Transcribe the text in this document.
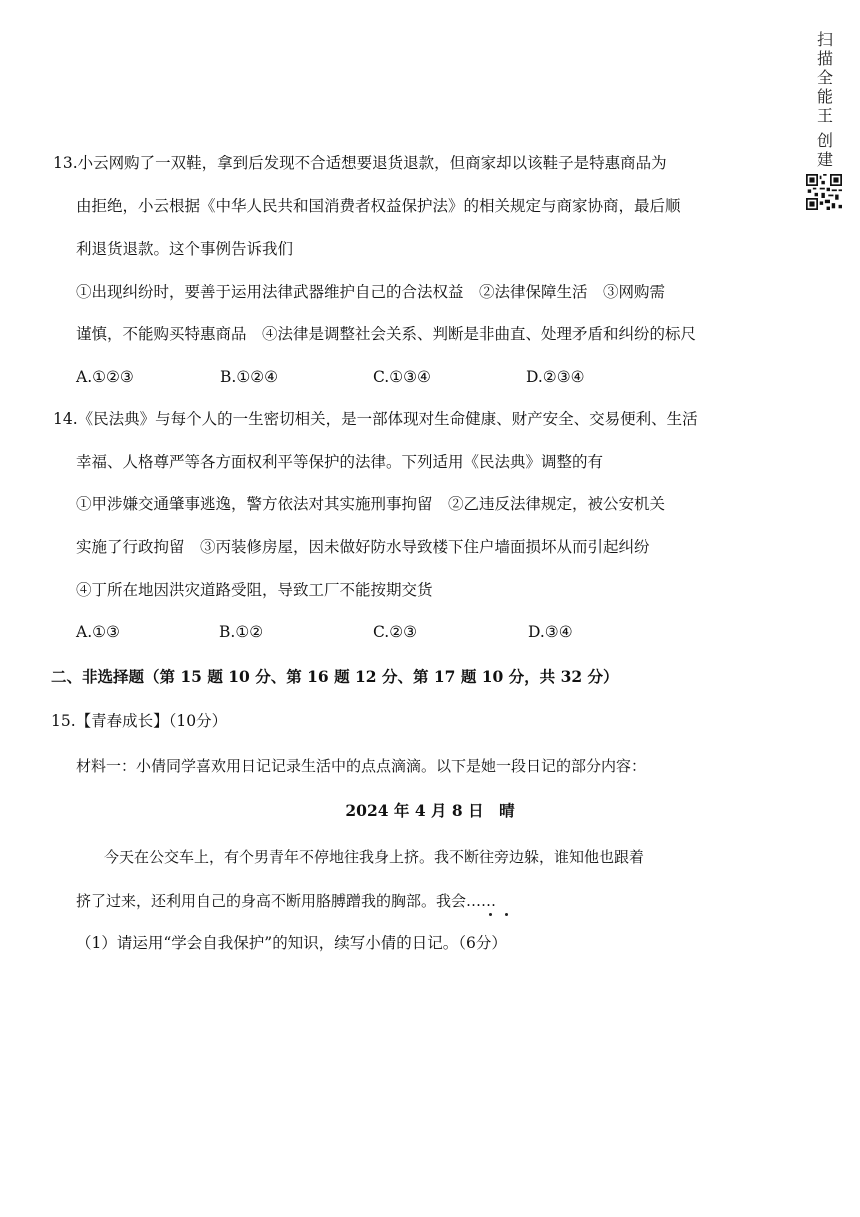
扫
描
全
能
王
创
建
13.小云网购了一双鞋，拿到后发现不合适想要退货退款，但商家却以该鞋子是特惠商品为
由拒绝，小云根据《中华人民共和国消费者权益保护法》的相关规定与商家协商，最后顺
利退货退款。这个事例告诉我们
①出现纠纷时，要善于运用法律武器维护自己的合法权益　②法律保障生活　③网购需
谨慎，不能购买特惠商品　④法律是调整社会关系、判断是非曲直、处理矛盾和纠纷的标尺
A.①②③	B.①②④	C.①③④	D.②③④
14.《民法典》与每个人的一生密切相关，是一部体现对生命健康、财产安全、交易便利、生活
幸福、人格尊严等各方面权利平等保护的法律。下列适用《民法典》调整的有
①甲涉嫌交通肇事逃逸，警方依法对其实施刑事拘留　②乙违反法律规定，被公安机关
实施了行政拘留　③丙装修房屋，因未做好防水导致楼下住户墙面损坏从而引起纠纷
④丁所在地因洪灾道路受阻，导致工厂不能按期交货
A.①③	B.①②	C.②③	D.③④
二、非选择题（第 15 题 10 分、第 16 题 12 分、第 17 题 10 分，共 32 分）
15.【青春成长】（10分）
材料一：小倩同学喜欢用日记记录生活中的点点滴滴。以下是她一段日记的部分内容：
2024 年 4 月 8 日　晴
今天在公交车上，有个男青年不停地往我身上挤。我不断往旁边躲，谁知他也跟着
挤了过来，还利用自己的身高不断用胳膊蹭我的胸部。我会……
（1）请运用“学会自我保护”的知识，续写小倩的日记。（6分）
